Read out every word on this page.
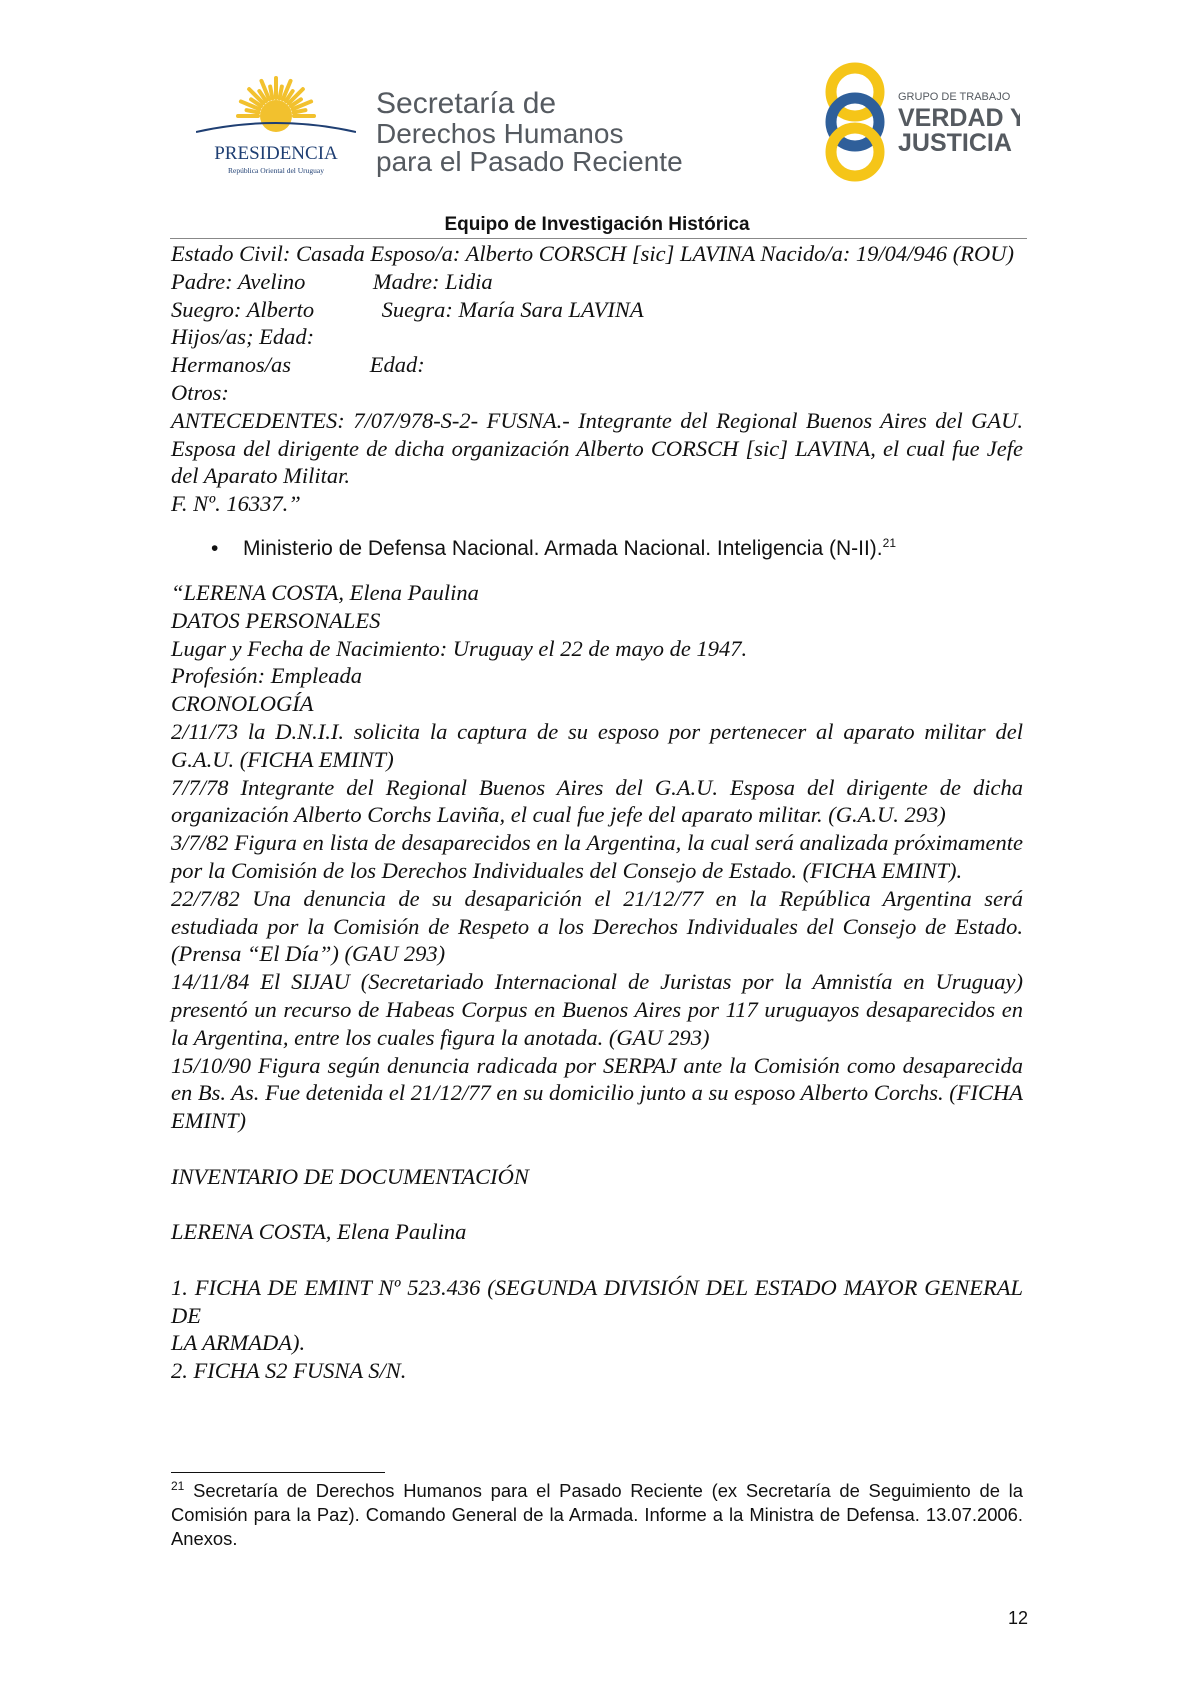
PRESIDENCIA
República Oriental del Uruguay
Secretaría de
Derechos Humanos
para el Pasado Reciente
GRUPO DE TRABAJO
VERDAD Y
JUSTICIA
Equipo de Investigación Histórica

Estado Civil: Casada Esposo/a: Alberto CORSCH [sic] LAVINA Nacido/a: 19/04/946 (ROU)

Padre: Avelino            Madre: Lidia

Suegro: Alberto            Suegra: María Sara LAVINA

Hijos/as; Edad:

Hermanos/as              Edad:

Otros:

ANTECEDENTES: 7/07/978-S-2- FUSNA.- Integrante del Regional Buenos Aires del GAU. Esposa del dirigente de dicha organización Alberto CORSCH [sic] LAVINA, el cual fue Jefe del Aparato Militar.

F. Nº. 16337.”

• Ministerio de Defensa Nacional. Armada Nacional. Inteligencia (N-II).$^{21}$

“LERENA COSTA, Elena Paulina

DATOS PERSONALES

Lugar y Fecha de Nacimiento: Uruguay el 22 de mayo de 1947.

Profesión: Empleada

CRONOLOGÍA

2/11/73 la D.N.I.I. solicita la captura de su esposo por pertenecer al aparato militar del G.A.U. (FICHA EMINT)

7/7/78 Integrante del Regional Buenos Aires del G.A.U. Esposa del dirigente de dicha organización Alberto Corchs Laviña, el cual fue jefe del aparato militar. (G.A.U. 293)

3/7/82 Figura en lista de desaparecidos en la Argentina, la cual será analizada próximamente por la Comisión de los Derechos Individuales del Consejo de Estado. (FICHA EMINT).

22/7/82 Una denuncia de su desaparición el 21/12/77 en la República Argentina será estudiada por la Comisión de Respeto a los Derechos Individuales del Consejo de Estado. (Prensa “El Día”) (GAU 293)

14/11/84 El SIJAU (Secretariado Internacional de Juristas por la Amnistía en Uruguay) presentó un recurso de Habeas Corpus en Buenos Aires por 117 uruguayos desaparecidos en la Argentina, entre los cuales figura la anotada. (GAU 293)

15/10/90 Figura según denuncia radicada por SERPAJ ante la Comisión como desaparecida en Bs. As. Fue detenida el 21/12/77 en su domicilio junto a su esposo Alberto Corchs. (FICHA EMINT)

INVENTARIO DE DOCUMENTACIÓN

LERENA COSTA, Elena Paulina

1. FICHA DE EMINT Nº 523.436 (SEGUNDA DIVISIÓN DEL ESTADO MAYOR GENERAL DE

LA ARMADA).

2. FICHA S2 FUSNA S/N.

$^{21}$ Secretaría de Derechos Humanos para el Pasado Reciente (ex Secretaría de Seguimiento de la Comisión para la Paz). Comando General de la Armada. Informe a la Ministra de Defensa. 13.07.2006. Anexos.
12
